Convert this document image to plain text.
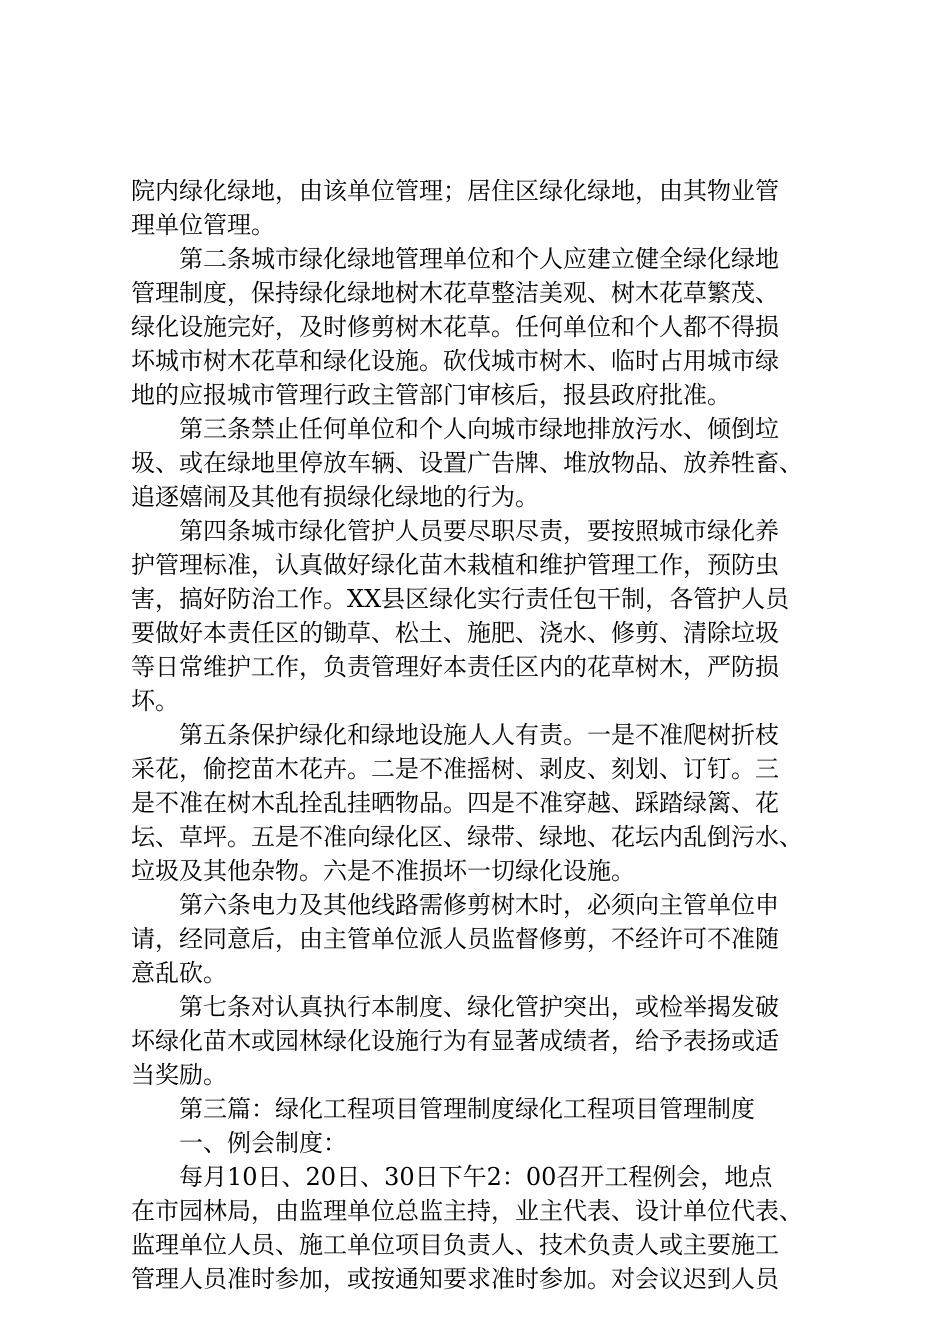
院内绿化绿地，由该单位管理；居住区绿化绿地，由其物业管
理单位管理。
第二条城市绿化绿地管理单位和个人应建立健全绿化绿地
管理制度，保持绿化绿地树木花草整洁美观、树木花草繁茂、
绿化设施完好，及时修剪树木花草。任何单位和个人都不得损
坏城市树木花草和绿化设施。砍伐城市树木、临时占用城市绿
地的应报城市管理行政主管部门审核后，报县政府批准。
第三条禁止任何单位和个人向城市绿地排放污水、倾倒垃
圾、或在绿地里停放车辆、设置广告牌、堆放物品、放养牲畜、
追逐嬉闹及其他有损绿化绿地的行为。
第四条城市绿化管护人员要尽职尽责，要按照城市绿化养
护管理标准，认真做好绿化苗木栽植和维护管理工作，预防虫
害，搞好防治工作。XX县区绿化实行责任包干制，各管护人员
要做好本责任区的锄草、松土、施肥、浇水、修剪、清除垃圾
等日常维护工作，负责管理好本责任区内的花草树木，严防损
坏。
第五条保护绿化和绿地设施人人有责。一是不准爬树折枝
采花，偷挖苗木花卉。二是不准摇树、剥皮、刻划、订钉。三
是不准在树木乱拴乱挂晒物品。四是不准穿越、踩踏绿篱、花
坛、草坪。五是不准向绿化区、绿带、绿地、花坛内乱倒污水、
垃圾及其他杂物。六是不准损坏一切绿化设施。
第六条电力及其他线路需修剪树木时，必须向主管单位申
请，经同意后，由主管单位派人员监督修剪，不经许可不准随
意乱砍。
第七条对认真执行本制度、绿化管护突出，或检举揭发破
坏绿化苗木或园林绿化设施行为有显著成绩者，给予表扬或适
当奖励。
第三篇：绿化工程项目管理制度绿化工程项目管理制度
一、例会制度：
每月10日、20日、30日下午2：00召开工程例会，地点
在市园林局，由监理单位总监主持，业主代表、设计单位代表、
监理单位人员、施工单位项目负责人、技术负责人或主要施工
管理人员准时参加，或按通知要求准时参加。对会议迟到人员
